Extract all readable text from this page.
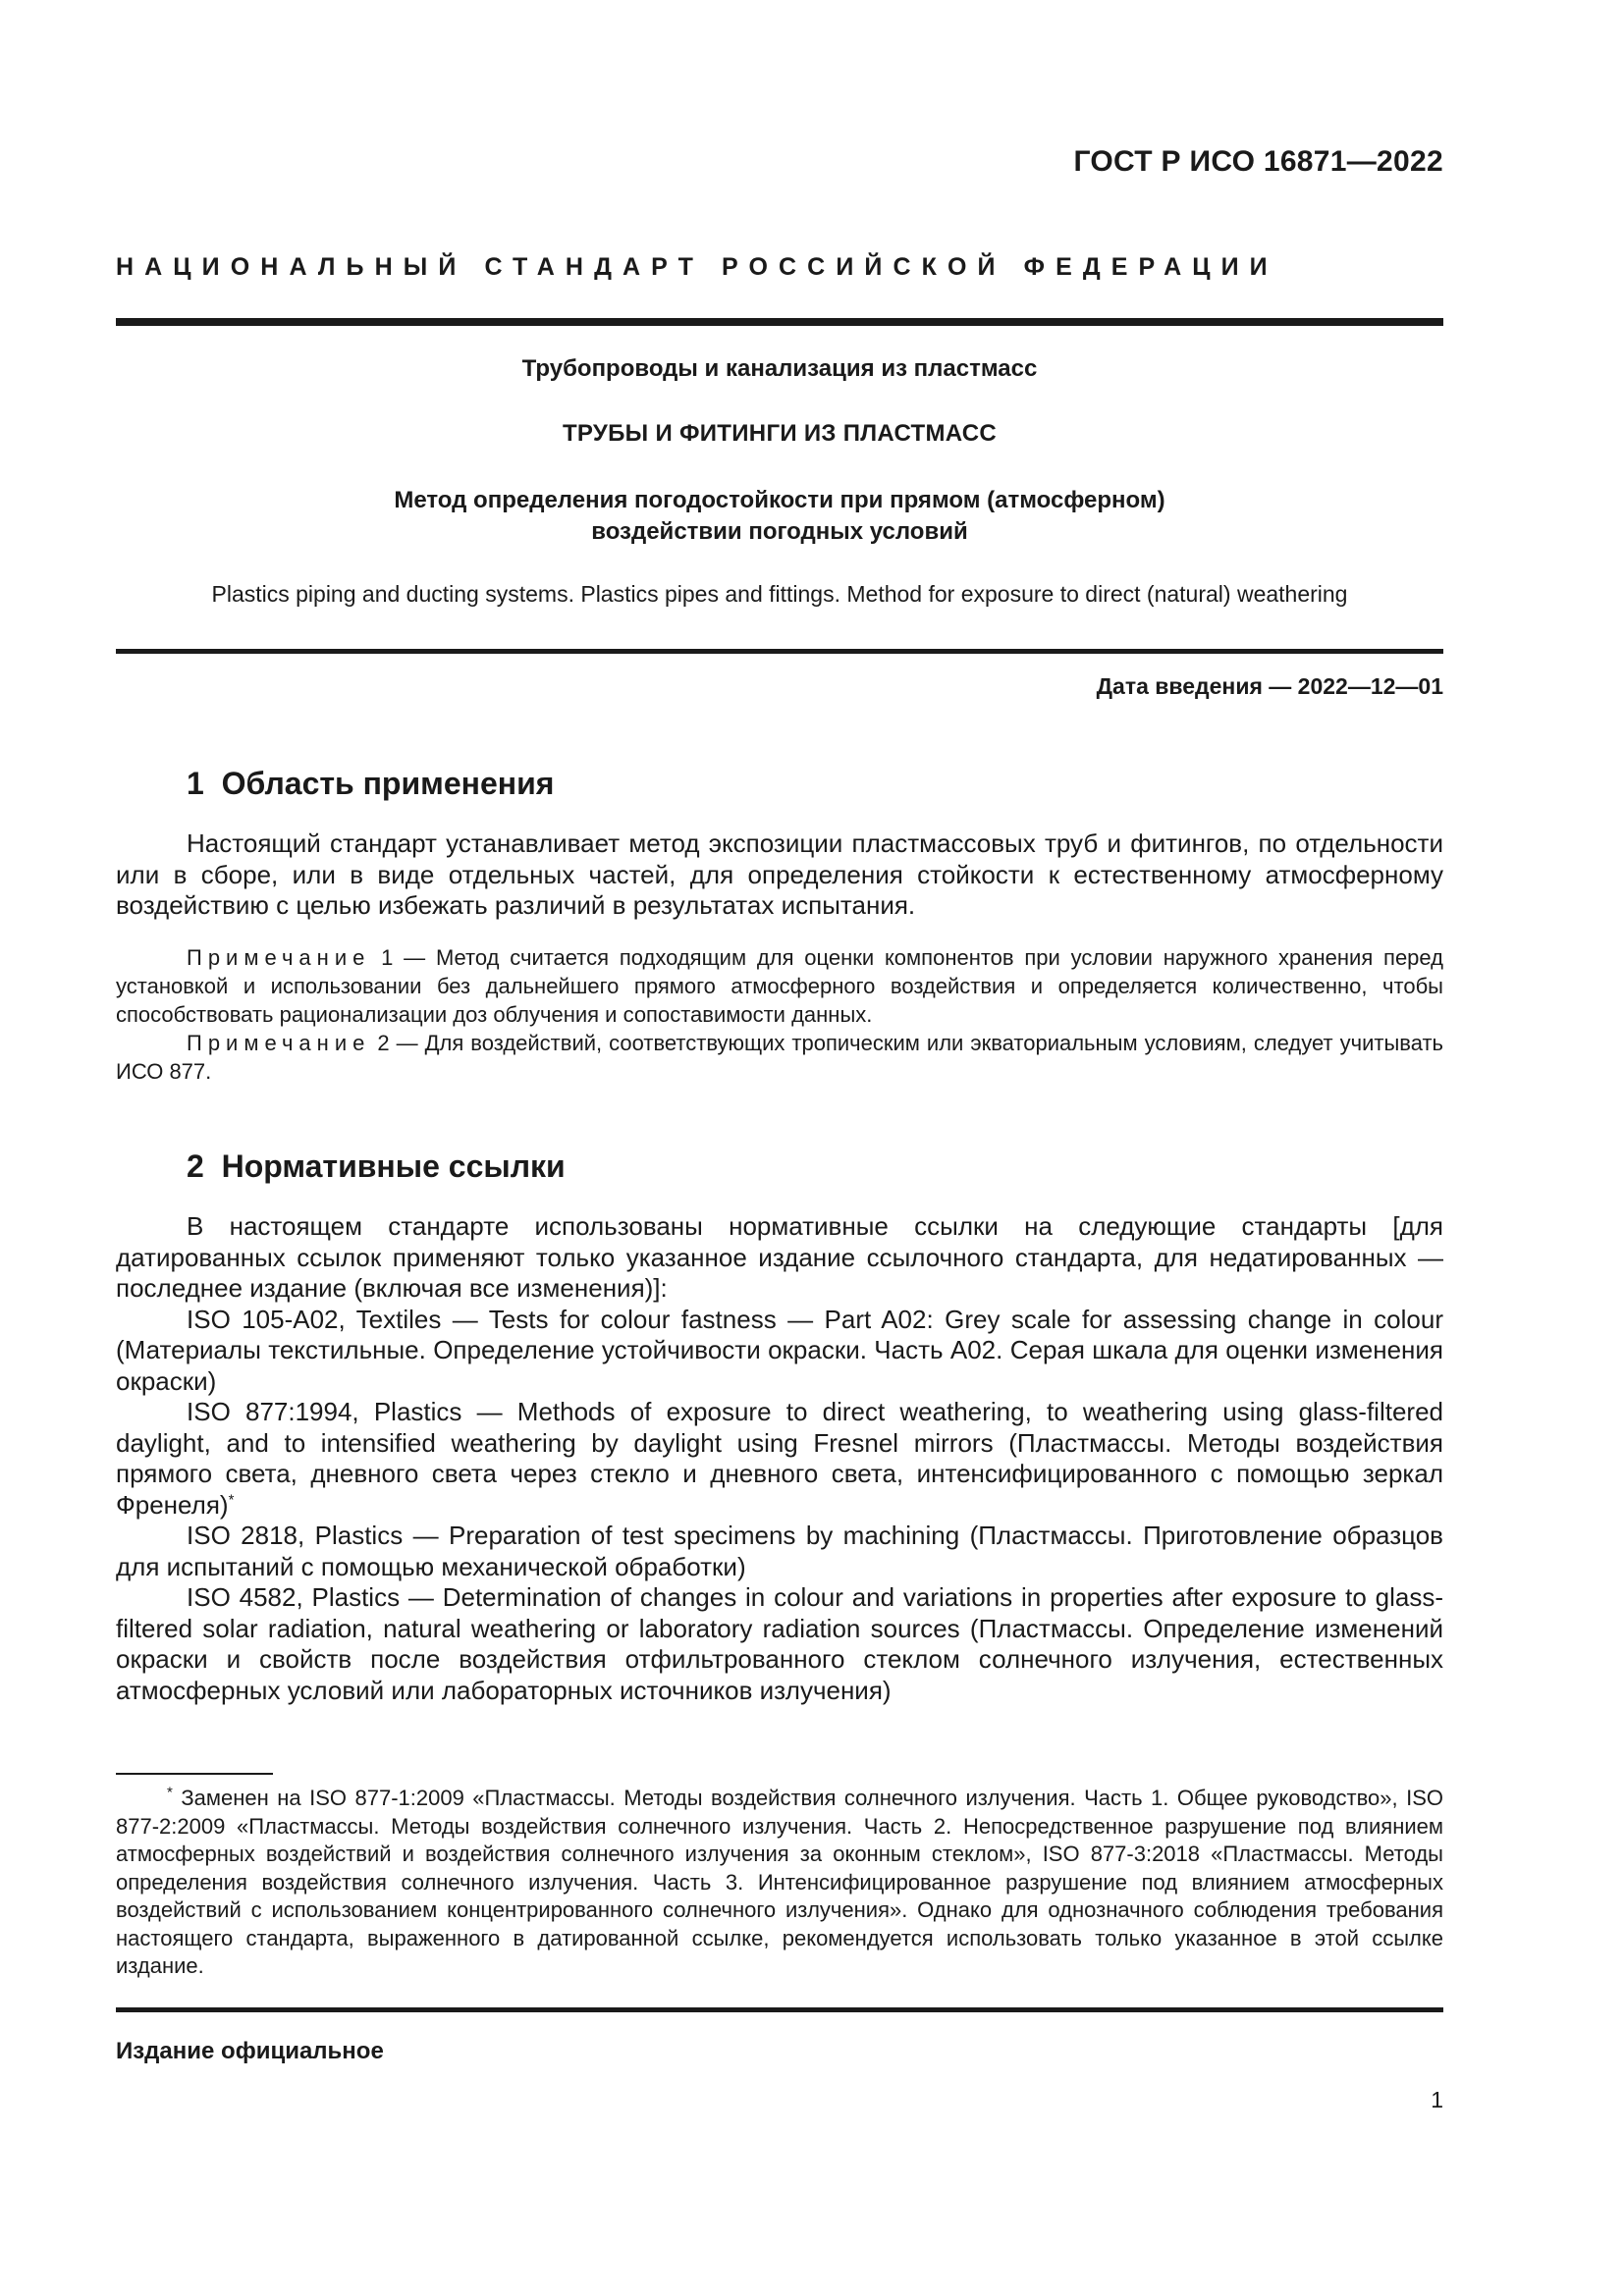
ГОСТ Р ИСО 16871—2022
НАЦИОНАЛЬНЫЙ СТАНДАРТ РОССИЙСКОЙ ФЕДЕРАЦИИ
Трубопроводы и канализация из пластмасс
ТРУБЫ И ФИТИНГИ ИЗ ПЛАСТМАСС
Метод определения погодостойкости при прямом (атмосферном)
воздействии погодных условий
Plastics piping and ducting systems. Plastics pipes and fittings. Method for exposure to direct (natural) weathering
Дата введения — 2022—12—01
1  Область применения

Настоящий стандарт устанавливает метод экспозиции пластмассовых труб и фитингов, по отдельности или в сборе, или в виде отдельных частей, для определения стойкости к естественному атмосферному воздействию с целью избежать различий в результатах испытания.

Примечание 1 — Метод считается подходящим для оценки компонентов при условии наружного хранения перед установкой и использовании без дальнейшего прямого атмосферного воздействия и определяется количественно, чтобы способствовать рационализации доз облучения и сопоставимости данных.

Примечание 2 — Для воздействий, соответствующих тропическим или экваториальным условиям, следует учитывать ИСО 877.

2  Нормативные ссылки

В настоящем стандарте использованы нормативные ссылки на следующие стандарты [для датированных ссылок применяют только указанное издание ссылочного стандарта, для недатированных — последнее издание (включая все изменения)]:

ISO 105-A02, Textiles — Tests for colour fastness — Part A02: Grey scale for assessing change in colour (Материалы текстильные. Определение устойчивости окраски. Часть А02. Серая шкала для оценки изменения окраски)

ISO 877:1994, Plastics — Methods of exposure to direct weathering, to weathering using glass-filtered daylight, and to intensified weathering by daylight using Fresnel mirrors (Пластмассы. Методы воздействия прямого света, дневного света через стекло и дневного света, интенсифицированного с помощью зеркал Френеля)*

ISO 2818, Plastics — Preparation of test specimens by machining (Пластмассы. Приготовление образцов для испытаний с помощью механической обработки)

ISO 4582, Plastics — Determination of changes in colour and variations in properties after exposure to glass-filtered solar radiation, natural weathering or laboratory radiation sources (Пластмассы. Определение изменений окраски и свойств после воздействия отфильтрованного стеклом солнечного излучения, естественных атмосферных условий или лабораторных источников излучения)

* Заменен на ISO 877-1:2009 «Пластмассы. Методы воздействия солнечного излучения. Часть 1. Общее руководство», ISO 877-2:2009 «Пластмассы. Методы воздействия солнечного излучения. Часть 2. Непосредственное разрушение под влиянием атмосферных воздействий и воздействия солнечного излучения за оконным стеклом», ISO 877-3:2018 «Пластмассы. Методы определения воздействия солнечного излучения. Часть 3. Интенсифицированное разрушение под влиянием атмосферных воздействий с использованием концентрированного солнечного излучения». Однако для однозначного соблюдения требования настоящего стандарта, выраженного в датированной ссылке, рекомендуется использовать только указанное в этой ссылке издание.

Издание официальное
1
